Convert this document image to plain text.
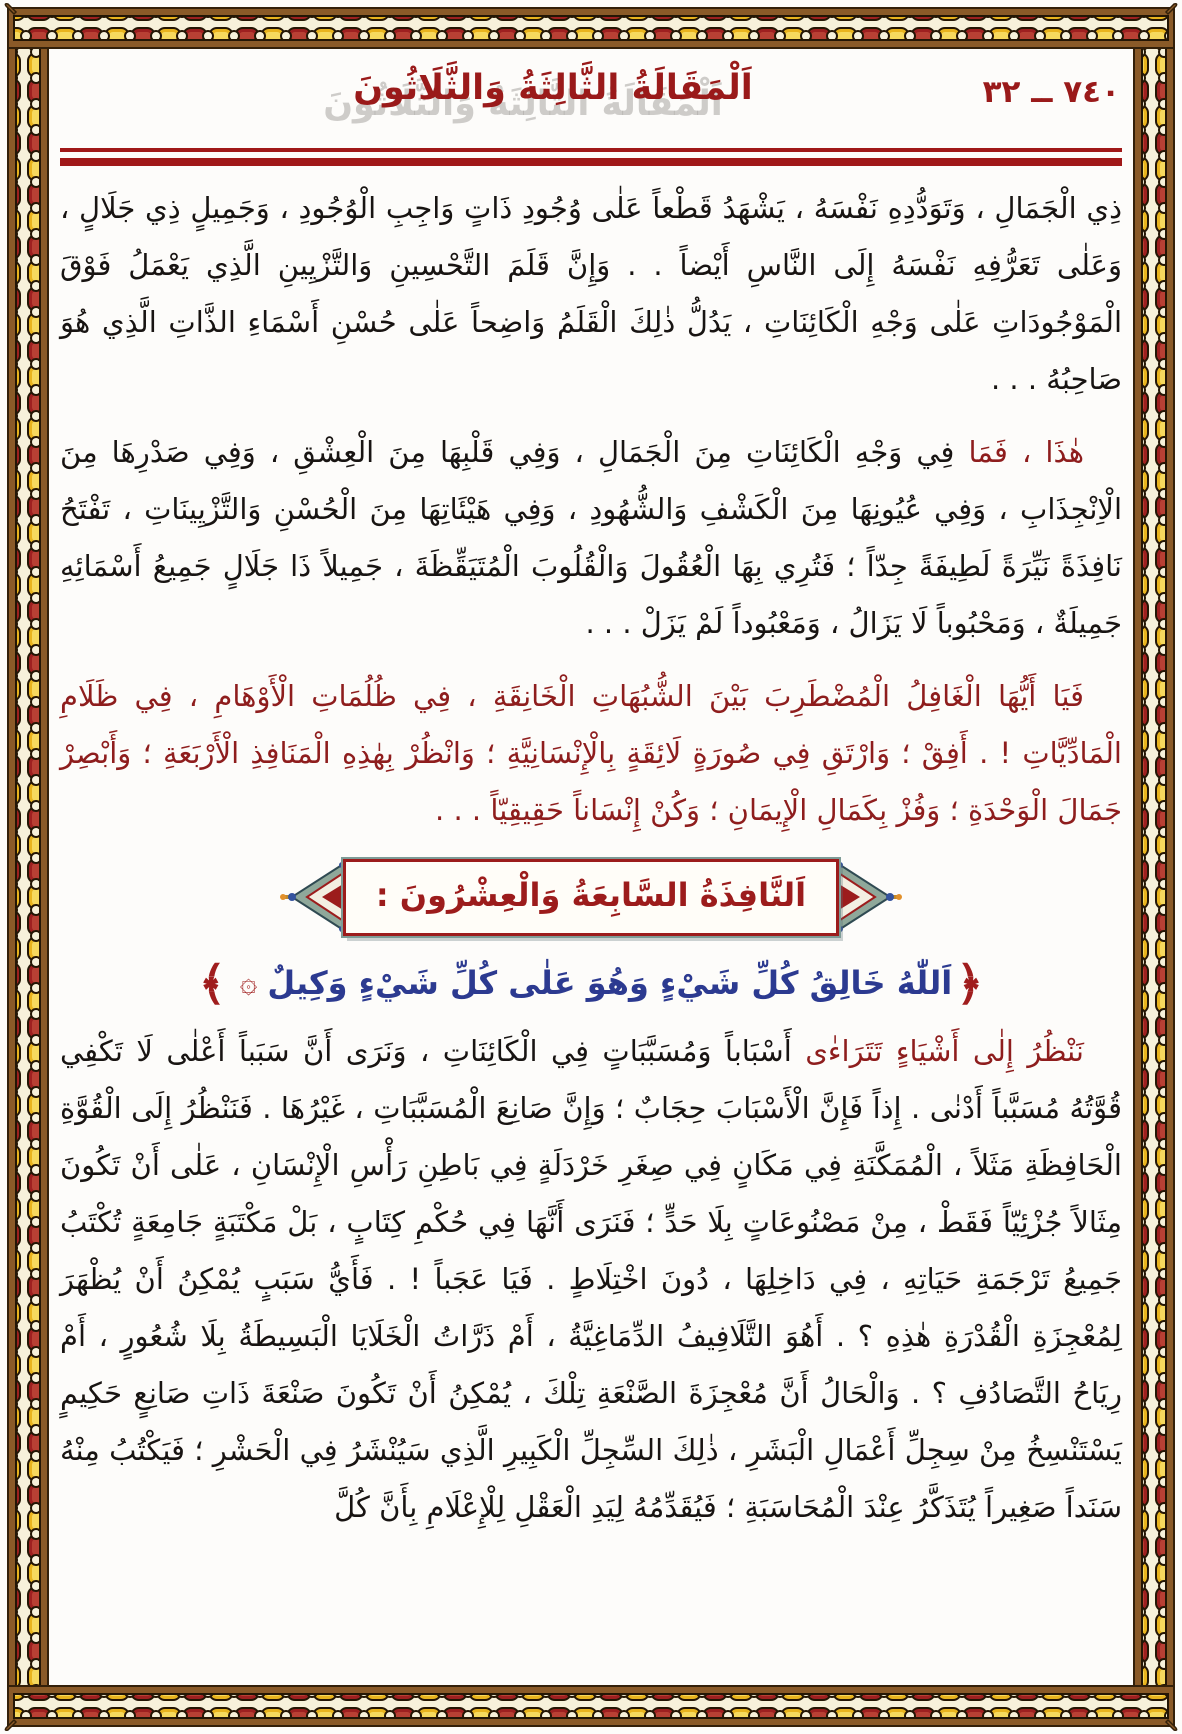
٧٤٠ ــ ٣٢
اَلْمَقَالَةُ الثَّالِثَةُ وَالثَّلَاثُونَ

ذِي الْجَمَالِ ، وَتَوَدُّدِهِ نَفْسَهُ ، يَشْهَدُ قَطْعاً عَلٰى وُجُودِ ذَاتٍ وَاجِبِ الْوُجُودِ ، وَجَمِيلٍ ذِي جَلَالٍ ، وَعَلٰى تَعَرُّفِهِ نَفْسَهُ إِلَى النَّاسِ أَيْضاً . . وَإِنَّ قَلَمَ التَّحْسِينِ وَالتَّزْيِينِ الَّذِي يَعْمَلُ فَوْقَ الْمَوْجُودَاتِ عَلٰى وَجْهِ الْكَائِنَاتِ ، يَدُلُّ ذٰلِكَ الْقَلَمُ وَاضِحاً عَلٰى حُسْنِ أَسْمَاءِ الذَّاتِ الَّذِي هُوَ صَاحِبُهُ . . .

هٰذَا ، فَمَا فِي وَجْهِ الْكَائِنَاتِ مِنَ الْجَمَالِ ، وَفِي قَلْبِهَا مِنَ الْعِشْقِ ، وَفِي صَدْرِهَا مِنَ الْاِنْجِذَابِ ، وَفِي عُيُونِهَا مِنَ الْكَشْفِ وَالشُّهُودِ ، وَفِي هَيْئَاتِهَا مِنَ الْحُسْنِ وَالتَّزْيِينَاتِ ، تَفْتَحُ نَافِذَةً نَيِّرَةً لَطِيفَةً جِدّاً ؛ فَتُرِي بِهَا الْعُقُولَ وَالْقُلُوبَ الْمُتَيَقِّظَةَ ، جَمِيلاً ذَا جَلَالٍ جَمِيعُ أَسْمَائِهِ جَمِيلَةٌ ، وَمَحْبُوباً لَا يَزَالُ ، وَمَعْبُوداً لَمْ يَزَلْ . . .

فَيَا أَيُّهَا الْغَافِلُ الْمُضْطَرِبَ بَيْنَ الشُّبُهَاتِ الْخَانِقَةِ ، فِي ظُلُمَاتِ الْأَوْهَامِ ، فِي ظَلَامِ الْمَادِّيَّاتِ ! . أَفِقْ ؛ وَارْتَقِ فِي صُورَةٍ لَائِقَةٍ بِالْإِنْسَانِيَّةِ ؛ وَانْظُرْ بِهٰذِهِ الْمَنَافِذِ الْأَرْبَعَةِ ؛ وَأَبْصِرْ جَمَالَ الْوَحْدَةِ ؛ وَفُزْ بِكَمَالِ الْإِيمَانِ ؛ وَكُنْ إِنْسَاناً حَقِيقِيّاً . . .

اَلنَّافِذَةُ السَّابِعَةُ وَالْعِشْرُونَ :
﴿اَللّٰهُ خَالِقُ كُلِّ شَيْءٍ وَهُوَ عَلٰى كُلِّ شَيْءٍ وَكِيلٌ۞﴾

نَنْظُرُ إِلٰى أَشْيَاءٍ تَتَرَاءٰى أَسْبَاباً وَمُسَبَّبَاتٍ فِي الْكَائِنَاتِ ، وَنَرَى أَنَّ سَبَباً أَعْلٰى لَا تَكْفِي قُوَّتُهُ مُسَبَّباً أَدْنٰى . إِذاً فَإِنَّ الْأَسْبَابَ حِجَابٌ ؛ وَإِنَّ صَانِعَ الْمُسَبَّبَاتِ ، غَيْرُهَا . فَنَنْظُرُ إِلَى الْقُوَّةِ الْحَافِظَةِ مَثَلاً ، الْمُمَكَّنَةِ فِي مَكَانٍ فِي صِغَرِ خَرْدَلَةٍ فِي بَاطِنِ رَأْسِ الْإِنْسَانِ ، عَلٰى أَنْ تَكُونَ مِثَالاً جُزْئِيّاً فَقَطْ ، مِنْ مَصْنُوعَاتٍ بِلَا حَدٍّ ؛ فَنَرَى أَنَّهَا فِي حُكْمِ كِتَابٍ ، بَلْ مَكْتَبَةٍ جَامِعَةٍ تُكْتَبُ جَمِيعُ تَرْجَمَةِ حَيَاتِهِ ، فِي دَاخِلِهَا ، دُونَ اخْتِلَاطٍ . فَيَا عَجَباً ! . فَأَيُّ سَبَبٍ يُمْكِنُ أَنْ يُظْهَرَ لِمُعْجِزَةِ الْقُدْرَةِ هٰذِهِ ؟ . أَهُوَ التَّلَافِيفُ الدِّمَاغِيَّةُ ، أَمْ ذَرَّاتُ الْخَلَايَا الْبَسِيطَةُ بِلَا شُعُورٍ ، أَمْ رِيَاحُ التَّصَادُفِ ؟ . وَالْحَالُ أَنَّ مُعْجِزَةَ الصَّنْعَةِ تِلْكَ ، يُمْكِنُ أَنْ تَكُونَ صَنْعَةَ ذَاتِ صَانِعٍ حَكِيمٍ يَسْتَنْسِخُ مِنْ سِجِلِّ أَعْمَالِ الْبَشَرِ ، ذٰلِكَ السِّجِلِّ الْكَبِيرِ الَّذِي سَيُنْشَرُ فِي الْحَشْرِ ؛ فَيَكْتُبُ مِنْهُ سَنَداً صَغِيراً يُتَذَكَّرُ عِنْدَ الْمُحَاسَبَةِ ؛ فَيُقَدِّمُهُ لِيَدِ الْعَقْلِ لِلْإِعْلَامِ بِأَنَّ كُلَّ
